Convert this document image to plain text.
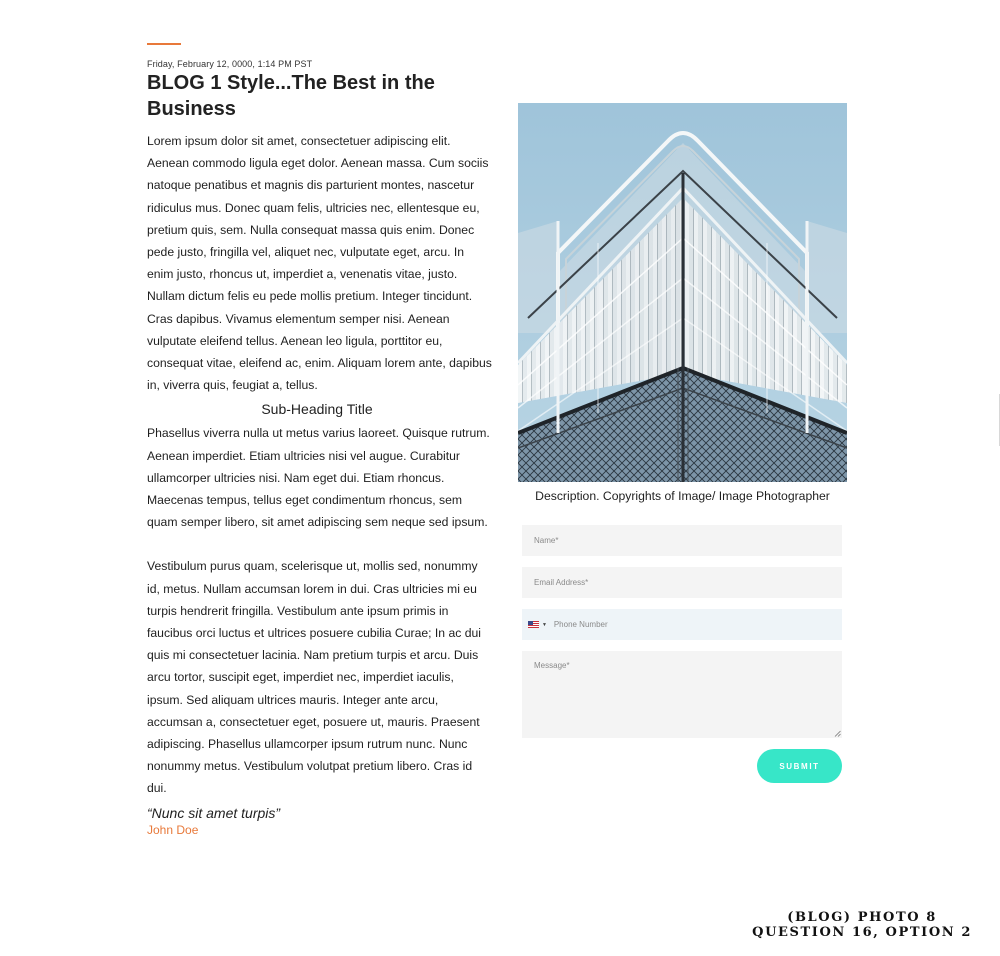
Friday, February 12, 0000, 1:14 PM PST
BLOG 1 Style...The Best in the Business

Lorem ipsum dolor sit amet, consectetuer adipiscing elit. Aenean commodo ligula eget dolor. Aenean massa. Cum sociis natoque penatibus et magnis dis parturient montes, nascetur ridiculus mus. Donec quam felis, ultricies nec, ellentesque eu, pretium quis, sem. Nulla consequat massa quis enim. Donec pede justo, fringilla vel, aliquet nec, vulputate eget, arcu. In enim justo, rhoncus ut, imperdiet a, venenatis vitae, justo. Nullam dictum felis eu pede mollis pretium. Integer tincidunt. Cras dapibus. Vivamus elementum semper nisi. Aenean vulputate eleifend tellus. Aenean leo ligula, porttitor eu, consequat vitae, eleifend ac, enim. Aliquam lorem ante, dapibus in, viverra quis, feugiat a, tellus.

Sub-Heading Title

Phasellus viverra nulla ut metus varius laoreet. Quisque rutrum. Aenean imperdiet. Etiam ultricies nisi vel augue. Curabitur ullamcorper ultricies nisi. Nam eget dui. Etiam rhoncus. Maecenas tempus, tellus eget condimentum rhoncus, sem quam semper libero, sit amet adipiscing sem neque sed ipsum.

Vestibulum purus quam, scelerisque ut, mollis sed, nonummy id, metus. Nullam accumsan lorem in dui. Cras ultricies mi eu turpis hendrerit fringilla. Vestibulum ante ipsum primis in faucibus orci luctus et ultrices posuere cubilia Curae; In ac dui quis mi consectetuer lacinia. Nam pretium turpis et arcu. Duis arcu tortor, suscipit eget, imperdiet nec, imperdiet iaculis, ipsum. Sed aliquam ultrices mauris. Integer ante arcu, accumsan a, consectetuer eget, posuere ut, mauris. Praesent adipiscing. Phasellus ullamcorper ipsum rutrum nunc. Nunc nonummy metus. Vestibulum volutpat pretium libero. Cras id dui.

“Nunc sit amet turpis”
John Doe
Description. Copyrights of Image/ Image Photographer
Name*
Email Address*
▼
Phone Number
Message*
SUBMIT
(BLOG) PHOTO 8
QUESTION 16, OPTION 2
